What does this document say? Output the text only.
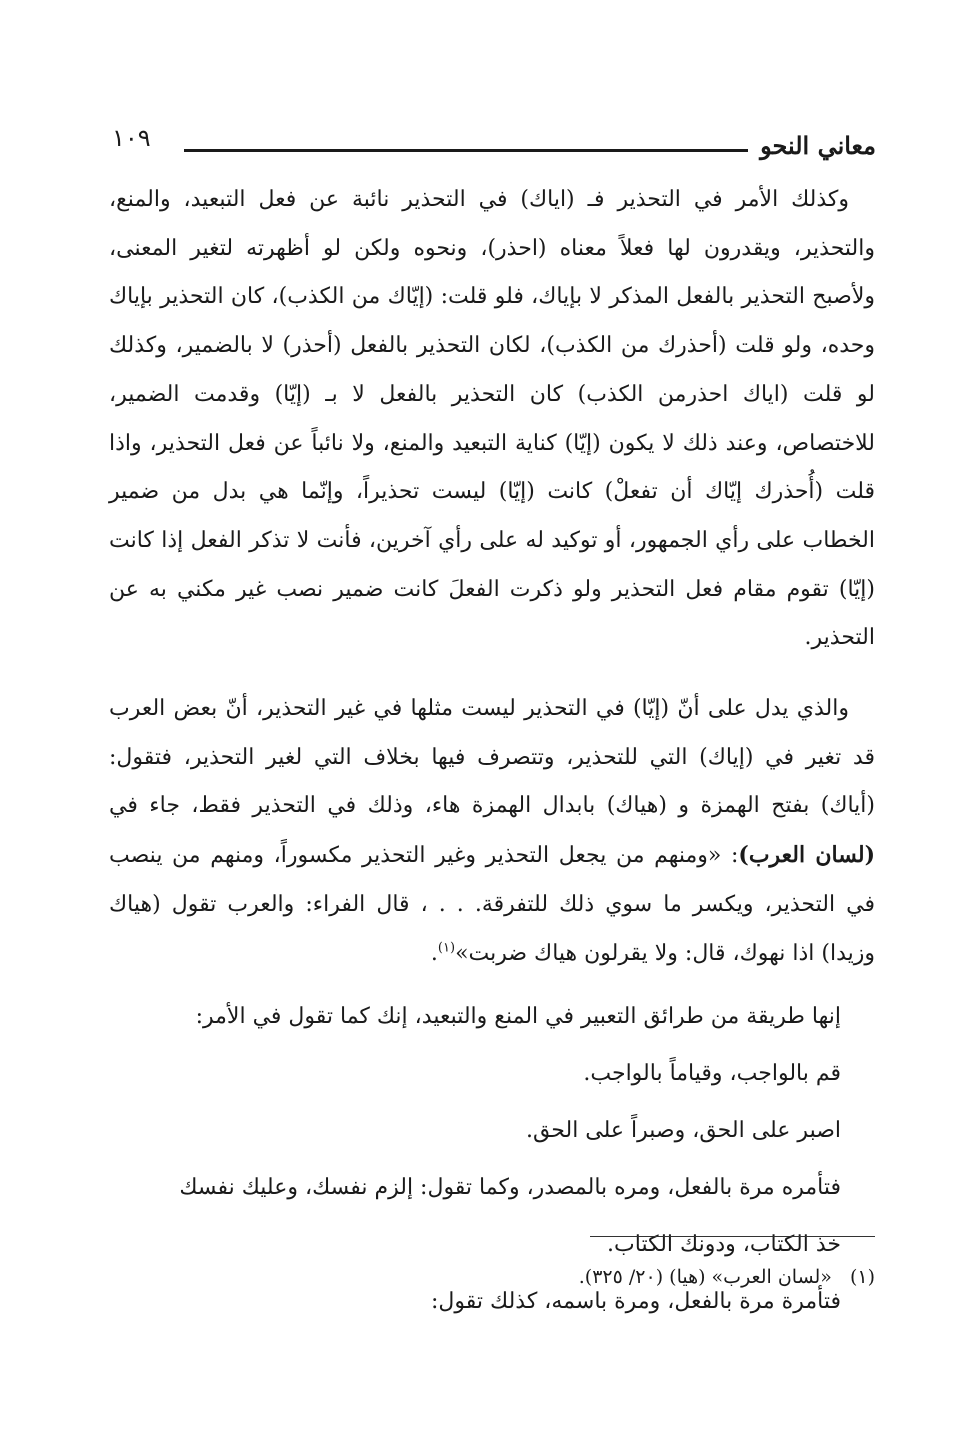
معاني النحو
١٠٩

وكذلك الأمر في التحذير فـ (اياك) في التحذير نائبة عن فعل التبعيد، والمنع، والتحذير، ويقدرون لها فعلاً معناه (احذر)، ونحوه ولكن لو أظهرته لتغير المعنى، ولأصبح التحذير بالفعل المذكر لا بإياك، فلو قلت: (إيّاك من الكذب)، كان التحذير بإياك وحده، ولو قلت (أحذرك من الكذب)، لكان التحذير بالفعل (أحذر) لا بالضمير، وكذلك لو قلت (اياك احذرمن الكذب) كان التحذير بالفعل لا بـ (إيّا) وقدمت الضمير، للاختصاص، وعند ذلك لا يكون (إيّا) كناية التبعيد والمنع، ولا نائباً عن فعل التحذير، واذا قلت (أُحذرك إيّاك أن تفعلْ) كانت (إيّا) ليست تحذيراً، وإنّما هي بدل من ضمير الخطاب على رأي الجمهور، أو توكيد له على رأي آخرين، فأنت لا تذكر الفعل إذا كانت (إيّا) تقوم مقام فعل التحذير ولو ذكرت الفعلَ كانت ضمير نصب غير مكني به عن التحذير.

والذي يدل على أنّ (إيّا) في التحذير ليست مثلها في غير التحذير، أنّ بعض العرب قد تغير في (إياك) التي للتحذير، وتتصرف فيها بخلاف التي لغير التحذير، فتقول: (أياك) بفتح الهمزة و (هياك) بابدال الهمزة هاء، وذلك في التحذير فقط، جاء في (لسان العرب): «ومنهم من يجعل التحذير وغير التحذير مكسوراً، ومنهم من ينصب في التحذير، ويكسر ما سوي ذلك للتفرقة. . . ، قال الفراء: والعرب تقول (هياك وزيدا) اذا نهوك، قال: ولا يقرلون هياك ضربت»$^{(١)}$.

إنها طريقة من طرائق التعبير في المنع والتبعيد، إنك كما تقول في الأمر:

قم بالواجب، وقياماً بالواجب.

اصبر على الحق، وصبراً على الحق.

فتأمره مرة بالفعل، ومره بالمصدر، وكما تقول: إلزم نفسك، وعليك نفسك

خذ الكتاب، ودونك الكتاب.

فتأمرة مرة بالفعل، ومرة باسمه، كذلك تقول:

(١)«لسان العرب» (هيا) (٢٠/ ٣٢٥).
